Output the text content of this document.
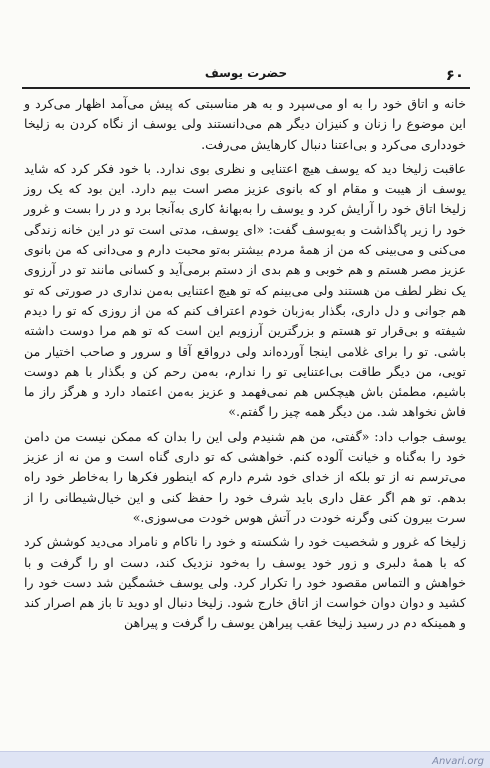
۶۰
حضرت یوسف

خانه و اتاق خود را به او می‌سپرد و به هر مناسبتی که پیش می‌آمد اظهار می‌کرد و این موضوع را زنان و کنیزان دیگر هم می‌دانستند ولی یوسف از نگاه کردن به زلیخا خودداری می‌کرد و بی‌اعتنا دنبال کارهایش می‌رفت.

عاقبت زلیخا دید که یوسف هیچ اعتنایی و نظری بوی ندارد. با خود فکر کرد که شاید یوسف از هیبت و مقام او که بانوی عزیز مصر است بیم دارد. این بود که یک روز زلیخا اتاق خود را آرایش کرد و یوسف را به‌بهانهٔ کاری به‌آنجا برد و در را بست و غرور خود را زیر پاگذاشت و به‌یوسف گفت: «ای یوسف، مدتی است تو در این خانه زندگی می‌کنی و می‌بینی که من از همهٔ مردم بیشتر به‌تو محبت دارم و می‌دانی که من بانوی عزیز مصر هستم و هم خوبی و هم بدی از دستم برمی‌آید و کسانی مانند تو در آرزوی یک نظر لطف من هستند ولی می‌بینم که تو هیچ اعتنایی به‌من نداری در صورتی که تو هم جوانی و دل داری، بگذار به‌زبان خودم اعتراف کنم که من از روزی که تو را دیدم شیفته و بی‌قرار تو هستم و بزرگترین آرزویم این است که تو هم مرا دوست داشته باشی. تو را برای غلامی اینجا آورده‌اند ولی درواقع آقا و سرور و صاحب اختیار من تویی، من دیگر طاقت بی‌اعتنایی تو را ندارم، به‌من رحم کن و بگذار با هم دوست باشیم، مطمئن باش هیچکس هم نمی‌فهمد و عزیز به‌من اعتماد دارد و هرگز راز ما فاش نخواهد شد. من دیگر همه چیز را گفتم.»

یوسف جواب داد: «گفتی، من هم شنیدم ولی این را بدان که ممکن نیست من دامن خود را به‌گناه و خیانت آلوده کنم. خواهشی که تو داری گناه است و من نه از عزیز می‌ترسم نه از تو بلکه از خدای خود شرم دارم که اینطور فکرها را به‌خاطر خود راه بدهم. تو هم اگر عقل داری باید شرف خود را حفظ کنی و این خیال‌شیطانی را از سرت بیرون کنی وگرنه خودت در آتش هوس خودت می‌سوزی.»

زلیخا که غرور و شخصیت خود را شکسته و خود را ناکام و نامراد می‌دید کوشش کرد که با همهٔ دلبری و زور خود یوسف را به‌خود نزدیک کند، دست او را گرفت و با خواهش و التماس مقصود خود را تکرار کرد. ولی یوسف خشمگین شد دست خود را کشید و دوان دوان خواست از اتاق خارج شود. زلیخا دنبال او دوید تا باز هم اصرار کند و همینکه دم در رسید زلیخا عقب پیراهن یوسف را گرفت و پیراهن

Anvari.org
